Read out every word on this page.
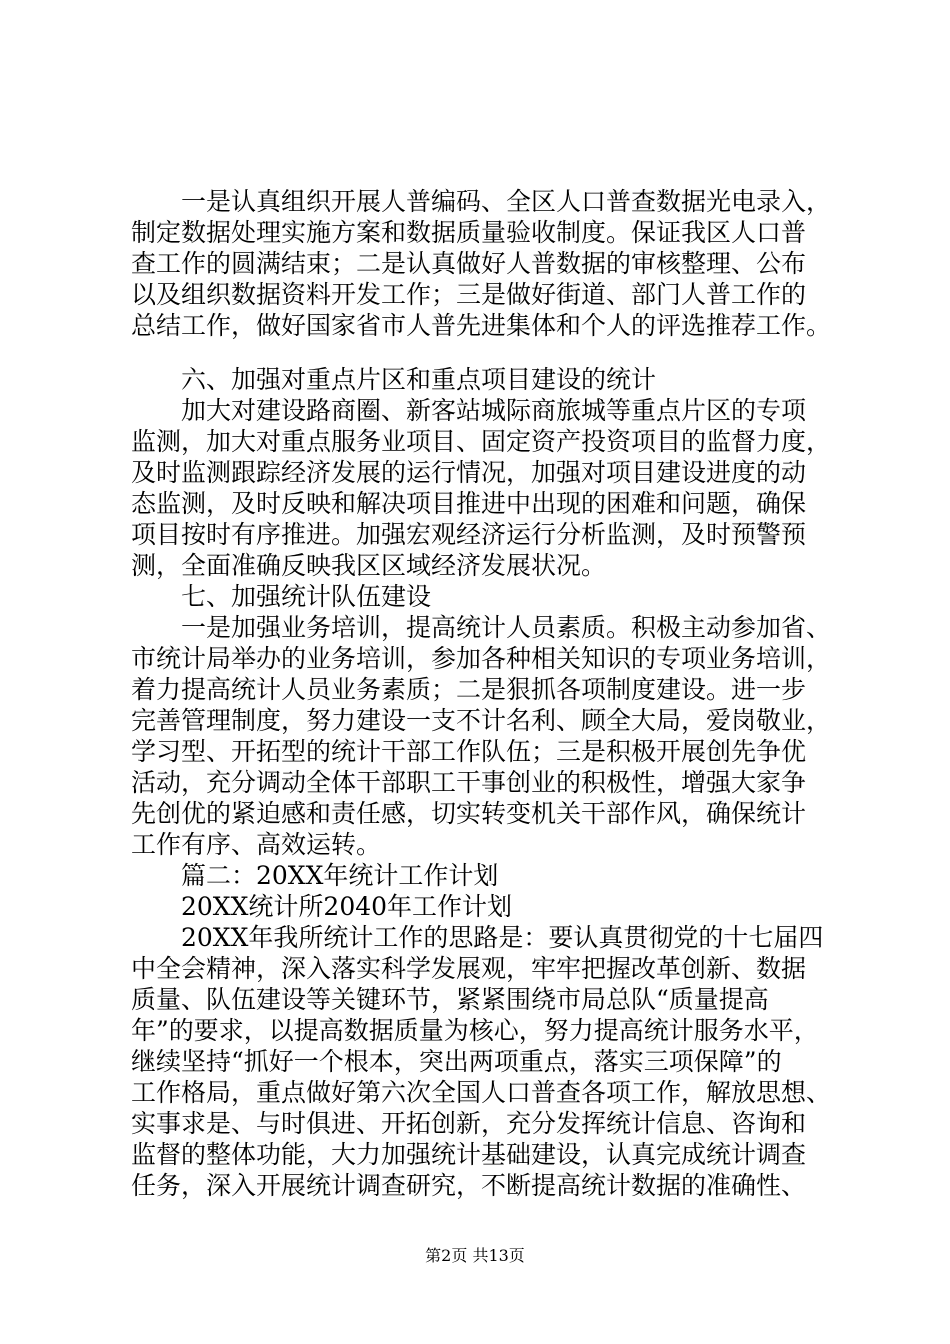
　　一是认真组织开展人普编码、全区人口普查数据光电录入，
制定数据处理实施方案和数据质量验收制度。保证我区人口普
查工作的圆满结束；二是认真做好人普数据的审核整理、公布
以及组织数据资料开发工作；三是做好街道、部门人普工作的
总结工作，做好国家省市人普先进集体和个人的评选推荐工作。
　　六、加强对重点片区和重点项目建设的统计
　　加大对建设路商圈、新客站城际商旅城等重点片区的专项
监测，加大对重点服务业项目、固定资产投资项目的监督力度，
及时监测跟踪经济发展的运行情况，加强对项目建设进度的动
态监测，及时反映和解决项目推进中出现的困难和问题，确保
项目按时有序推进。加强宏观经济运行分析监测，及时预警预
测，全面准确反映我区区域经济发展状况。
　　七、加强统计队伍建设
　　一是加强业务培训，提高统计人员素质。积极主动参加省、
市统计局举办的业务培训，参加各种相关知识的专项业务培训，
着力提高统计人员业务素质；二是狠抓各项制度建设。进一步
完善管理制度，努力建设一支不计名利、顾全大局，爱岗敬业，
学习型、开拓型的统计干部工作队伍；三是积极开展创先争优
活动，充分调动全体干部职工干事创业的积极性，增强大家争
先创优的紧迫感和责任感，切实转变机关干部作风，确保统计
工作有序、高效运转。
　　篇二：20XX年统计工作计划
　　20XX统计所2040年工作计划
　　20XX年我所统计工作的思路是：要认真贯彻党的十七届四
中全会精神，深入落实科学发展观，牢牢把握改革创新、数据
质量、队伍建设等关键环节，紧紧围绕市局总队“质量提高
年”的要求，以提高数据质量为核心，努力提高统计服务水平，
继续坚持“抓好一个根本，突出两项重点，落实三项保障”的
工作格局，重点做好第六次全国人口普查各项工作，解放思想、
实事求是、与时俱进、开拓创新，充分发挥统计信息、咨询和
监督的整体功能，大力加强统计基础建设，认真完成统计调查
任务，深入开展统计调查研究，不断提高统计数据的准确性、
第2页 共13页
